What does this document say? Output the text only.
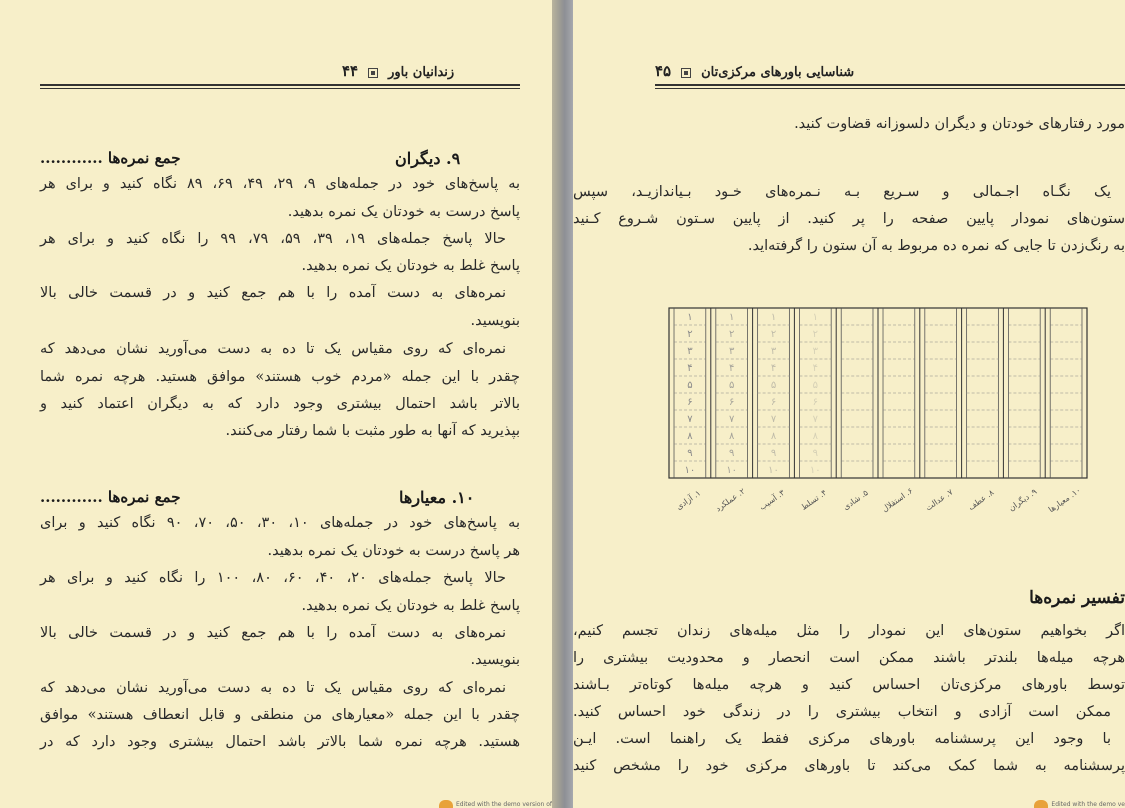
زندانیان باور۴۴
۹. دیگران
جمع نمره‌ها ............
به پاسخ‌های خود در جمله‌های ۹، ۲۹، ۴۹، ۶۹، ۸۹ نگاه کنید و برای هر
پاسخ درست به خودتان یک نمره بدهید.
حالا پاسخ جمله‌های ۱۹، ۳۹، ۵۹، ۷۹، ۹۹ را نگاه کنید و برای هر
پاسخ غلط به خودتان یک نمره بدهید.
نمره‌های به دست آمده را با هم جمع کنید و در قسمت خالی بالا
بنویسید.
نمره‌ای که روی مقیاس یک تا ده به دست می‌آورید نشان می‌دهد که
چقدر با این جمله «مردم خوب هستند» موافق هستید. هرچه نمره شما
بالاتر باشد احتمال بیشتری وجود دارد که به دیگران اعتماد کنید و
بپذیرید که آنها به طور مثبت با شما رفتار می‌کنند.
۱۰. معیارها
جمع نمره‌ها ............
به پاسخ‌های خود در جمله‌های ۱۰، ۳۰، ۵۰، ۷۰، ۹۰ نگاه کنید و برای
هر پاسخ درست به خودتان یک نمره بدهید.
حالا پاسخ جمله‌های ۲۰، ۴۰، ۶۰، ۸۰، ۱۰۰ را نگاه کنید و برای هر
پاسخ غلط به خودتان یک نمره بدهید.
نمره‌های به دست آمده را با هم جمع کنید و در قسمت خالی بالا
بنویسید.
نمره‌ای که روی مقیاس یک تا ده به دست می‌آورید نشان می‌دهد که
چقدر با این جمله «معیارهای من منطقی و قابل انعطاف هستند» موافق
هستید. هرچه نمره شما بالاتر باشد احتمال بیشتری وجود دارد که در
Edited with the demo version of
۴۵ شناسایی باورهای مرکزی‌تان
مورد رفتارهای خودتان و دیگران دلسوزانه قضاوت کنید.
یک نگـاه اجـمالی و سـریع بـه نـمره‌های خـود بـیاندازیـد، سپس
ستون‌های نمودار پایین صفحه را پر کنید. از پایین سـتون شـروع کـنید
به رنگ‌زدن تا جایی که نمره ده مربوط به آن ستون را گرفته‌اید.
۱
۲
۳
۴
۵
۶
۷
۸
۹
۱۰
۱. آزادی
۱
۲
۳
۴
۵
۶
۷
۸
۹
۱۰
۲. عملکرد
۱
۲
۳
۴
۵
۶
۷
۸
۹
۱۰
۳. آسیب
۱
۲
۳
۴
۵
۶
۷
۸
۹
۱۰
۴. تسلط ۵. شادی ۶. استقلال ۷. عدالت ۸. عطف ۹. دیگران ۱۰. معیارها
تفسیر نمره‌ها
اگر بخواهیم ستون‌های این نمودار را مثل میله‌های زندان تجسم کنیم،
هرچه میله‌ها بلندتر باشند ممکن است انحصار و محدودیت بیشتری را
توسط باورهای مرکزی‌تان احساس کنید و هرچه میله‌ها کوتاه‌تر بـاشند
ممکن است آزادی و انتخاب بیشتری را در زندگی خود احساس کنید.
با وجود این پرسشنامه باورهای مرکزی فقط یک راهنما است. ایـن
پرسشنامه به شما کمک می‌کند تا باورهای مرکزی خود را مشخص کنید
Edited with the demo ve
